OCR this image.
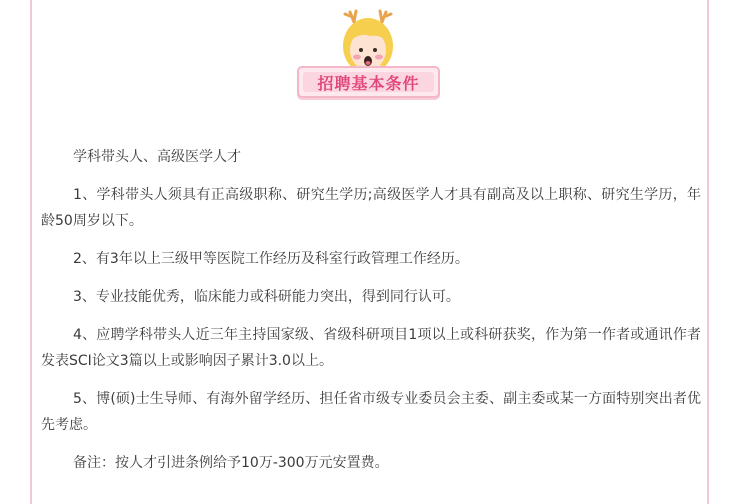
招聘基本条件

学科带头人、高级医学人才

1、学科带头人须具有正高级职称、研究生学历;高级医学人才具有副高及以上职称、研究生学历，年龄50周岁以下。

2、有3年以上三级甲等医院工作经历及科室行政管理工作经历。

3、专业技能优秀，临床能力或科研能力突出，得到同行认可。

4、应聘学科带头人近三年主持国家级、省级科研项目1项以上或科研获奖，作为第一作者或通讯作者发表SCI论文3篇以上或影响因子累计3.0以上。

5、博(硕)士生导师、有海外留学经历、担任省市级专业委员会主委、副主委或某一方面特别突出者优先考虑。

备注：按人才引进条例给予10万-300万元安置费。
